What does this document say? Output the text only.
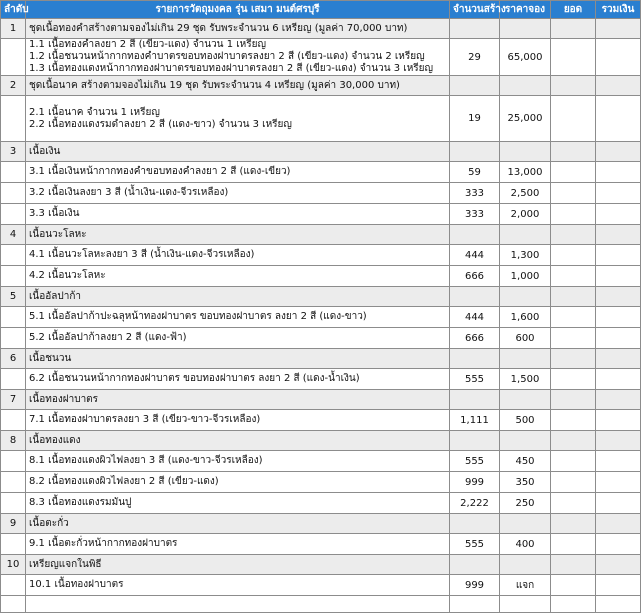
ลำดับ	รายการวัตถุมงคล รุ่น เสมา มนต์ศรบุรี	จำนวนสร้าง	ราคาจอง	ยอด	รวมเงิน
1	ชุดเนื้อทองคำสร้างตามจองไม่เกิน 29 ชุด รับพระจำนวน 6 เหรียญ (มูลค่า 70,000 บาท)				

	1.1 เนื้อทองคำลงยา 2 สี (เขียว-แดง) จำนวน 1 เหรียญ
1.2 เนื้อชนวนหน้ากากทองคำบาตรขอบทองฝาบาตรลงยา 2 สี (เขียว-แดง) จำนวน 2 เหรียญ
1.3 เนื้อทองแดงหน้ากากทองฝาบาตรขอบทองฝาบาตรลงยา 2 สี (เขียว-แดง) จำนวน 3 เหรียญ	29	65,000		
2	ชุดเนื้อนาค สร้างตามจองไม่เกิน 19 ชุด รับพระจำนวน 4 เหรียญ (มูลค่า 30,000 บาท)				

	2.1 เนื้อนาค จำนวน 1 เหรียญ
2.2 เนื้อทองแดงรมดำลงยา 2 สี (แดง-ขาว) จำนวน 3 เหรียญ	19	25,000		
3	เนื้อเงิน				

	3.1 เนื้อเงินหน้ากากทองคำขอบทองคำลงยา 2 สี (แดง-เขียว)	59	13,000		

	3.2 เนื้อเงินลงยา 3 สี (น้ำเงิน-แดง-จีวรเหลือง)	333	2,500		

	3.3 เนื้อเงิน	333	2,000		
4	เนื้อนวะโลหะ				

	4.1 เนื้อนวะโลหะลงยา 3 สี (น้ำเงิน-แดง-จีวรเหลือง)	444	1,300		

	4.2 เนื้อนวะโลหะ	666	1,000		
5	เนื้ออัลปาก้า				

	5.1 เนื้ออัลปาก้าปะฉลุหน้าทองฝาบาตร ขอบทองฝาบาตร ลงยา 2 สี (แดง-ขาว)	444	1,600		

	5.2 เนื้ออัลปาก้าลงยา 2 สี (แดง-ฟ้า)	666	600		
6	เนื้อชนวน				

	6.2 เนื้อชนวนหน้ากากทองฝาบาตร ขอบทองฝาบาตร ลงยา 2 สี (แดง-น้ำเงิน)	555	1,500		
7	เนื้อทองฝาบาตร				

	7.1 เนื้อทองฝาบาตรลงยา 3 สี (เขียว-ขาว-จีวรเหลือง)	1,111	500		
8	เนื้อทองแดง				

	8.1 เนื้อทองแดงผิวไฟลงยา 3 สี (แดง-ขาว-จีวรเหลือง)	555	450		

	8.2 เนื้อทองแดงผิวไฟลงยา 2 สี (เขียว-แดง)	999	350		

	8.3 เนื้อทองแดงรมมันปู	2,222	250		
9	เนื้อตะกั่ว				

	9.1 เนื้อตะกั่วหน้ากากทองฝาบาตร	555	400		
10	เหรียญแจกในพิธี				

	10.1 เนื้อทองฝาบาตร	999	แจก		
